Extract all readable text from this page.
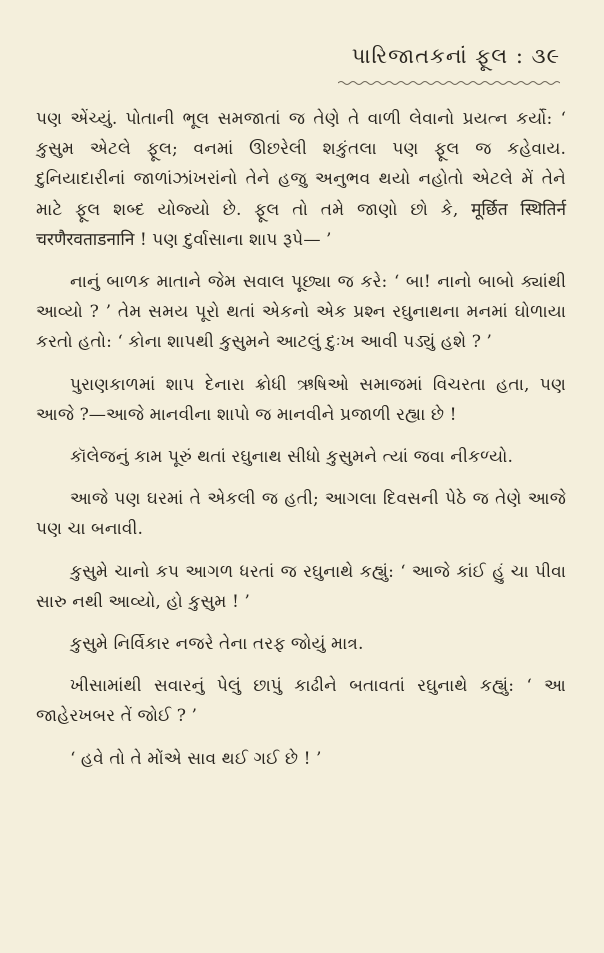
પારિજાતકનાં ફૂલ : ૩૯

પણ એંચ્યું. પોતાની ભૂલ સમજાતાં જ તેણે તે વાળી લેવાનો પ્રયત્ન કર્યો: ‘ કુસુમ એટલે ફૂલ; વનમાં ઊછરેલી શકુંતલા પણ ફૂલ જ કહેવાય. દુનિયાદારીનાં જાળાંઝાંખરાંનો તેને હજુ અનુભવ થયો નહોતો એટલે મેં તેને માટે ફૂલ શબ્દ યોજ્યો છે. ફૂલ તો તમે જાણો છો કે, मूर्छित स्थितिर्न चरणैरवताडनानि ! પણ દુર્વાસાના શાપ રૂપે— ’

નાનું બાળક માતાને જેમ સવાલ પૂછ્યા જ કરે: ‘ બા! નાનો બાબો ક્યાંથી આવ્યો ? ’ તેમ સમય પૂરો થતાં એકનો એક પ્રશ્ન રઘુનાથના મનમાં ઘોળાયા કરતો હતો: ‘ કોના શાપથી કુસુમને આટલું દુઃખ આવી પડ્યું હશે ? ’

પુરાણકાળમાં શાપ દેનારા ક્રોધી ઋષિઓ સમાજમાં વિચરતા હતા, પણ આજે ?—આજે માનવીના શાપો જ માનવીને પ્રજાળી રહ્યા છે !

કૉલેજનું કામ પૂરું થતાં રઘુનાથ સીધો કુસુમને ત્યાં જવા નીકળ્યો.

આજે પણ ઘરમાં તે એકલી જ હતી; આગલા દિવસની પેઠે જ તેણે આજે પણ ચા બનાવી.

કુસુમે ચાનો કપ આગળ ધરતાં જ રઘુનાથે કહ્યું: ‘ આજે કાંઈ હું ચા પીવા સારુ નથી આવ્યો, હો કુસુમ ! ’

કુસુમે નિર્વિકાર નજરે તેના તરફ જોયું માત્ર.

ખીસામાંથી સવારનું પેલું છાપું કાઢીને બતાવતાં રઘુનાથે કહ્યું: ‘ આ જાહેરખબર તેં જોઈ ? ’

‘ હવે તો તે મોંએ સાવ થઈ ગઈ છે ! ’
